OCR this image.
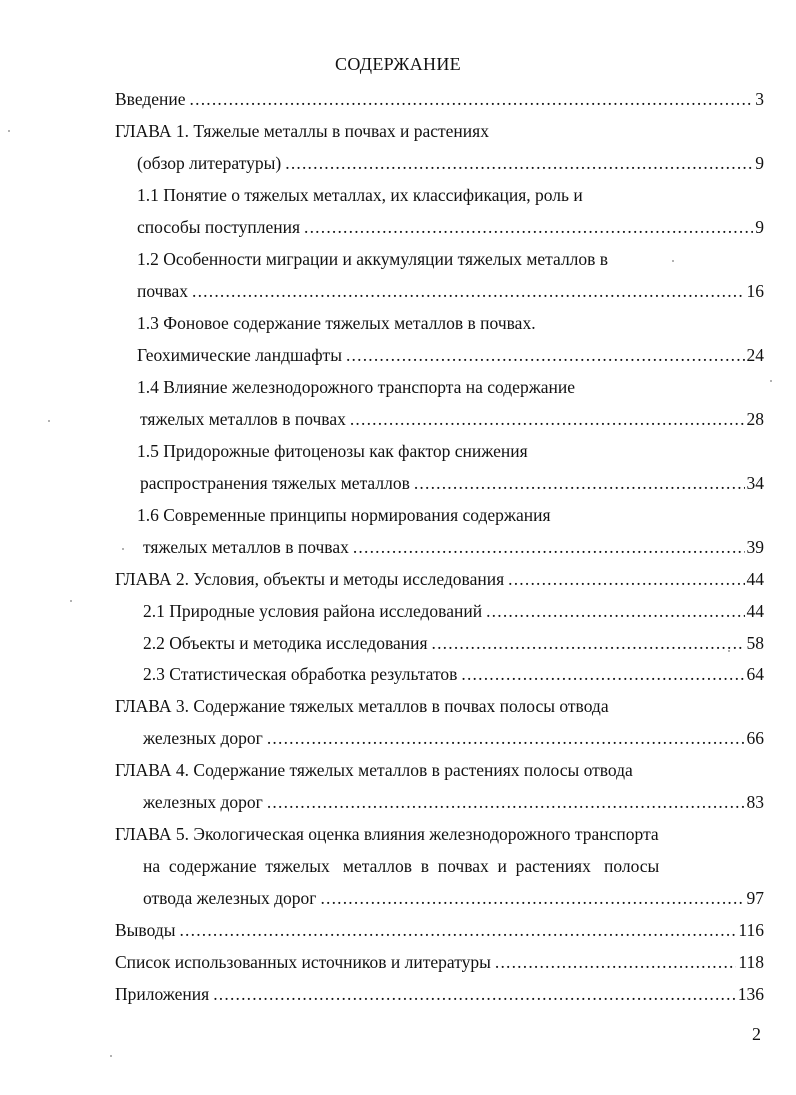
СОДЕРЖАНИЕ
Введение .....	3
ГЛАВА 1. Тяжелые металлы в почвах и растениях
(обзор литературы) .....	9
1.1 Понятие о тяжелых металлах, их классификация, роль и
способы поступления .....	9
1.2 Особенности миграции и аккумуляции тяжелых металлов в
почвах .....	16
1.3 Фоновое содержание тяжелых металлов в почвах.
Геохимические ландшафты .....	24
1.4 Влияние железнодорожного транспорта на содержание
тяжелых металлов в почвах .....	28
1.5 Придорожные фитоценозы как фактор снижения
распространения тяжелых металлов .....	34
1.6 Современные принципы нормирования содержания
тяжелых металлов в почвах .....	39
ГЛАВА 2. Условия, объекты и методы исследования .....	44
2.1 Природные условия района исследований .....	44
2.2 Объекты и методика исследования .....	58
2.3 Статистическая обработка результатов .....	64
ГЛАВА 3. Содержание тяжелых металлов в почвах полосы отвода
железных дорог .....	66
ГЛАВА 4. Содержание тяжелых металлов в растениях полосы отвода
железных дорог .....	83
ГЛАВА 5. Экологическая оценка влияния железнодорожного транспорта
на  содержание  тяжелых   металлов  в  почвах  и  растениях   полосы
отвода железных дорог .....	97
Выводы .....	116
Список использованных источников и литературы .....	118
Приложения .....	136
2
